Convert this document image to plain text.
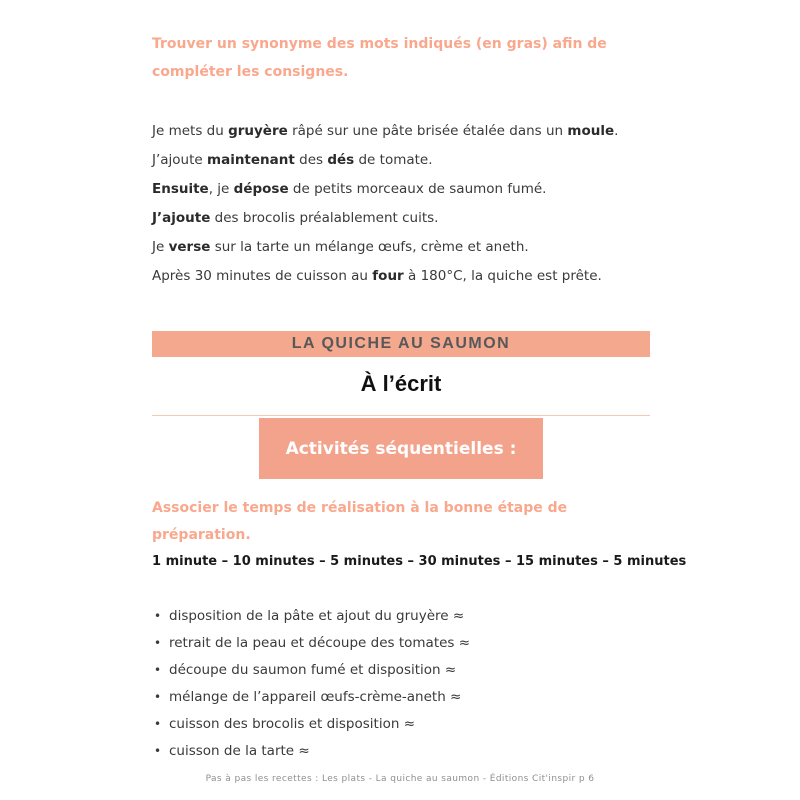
Trouver un synonyme des mots indiqués (en gras) afin de compléter les consignes.

Je mets du gruyère râpé sur une pâte brisée étalée dans un moule.

J’ajoute maintenant des dés de tomate.

Ensuite, je dépose de petits morceaux de saumon fumé.

J’ajoute des brocolis préalablement cuits.

Je verse sur la tarte un mélange œufs, crème et aneth.

Après 30 minutes de cuisson au four à 180°C, la quiche est prête.

LA QUICHE AU SAUMON
À l’écrit
Activités séquentielles :
Associer le temps de réalisation à la bonne étape de préparation.

1 minute – 10 minutes – 5 minutes – 30 minutes – 15 minutes – 5 minutes

• disposition de la pâte et ajout du gruyère ≈
• retrait de la peau et découpe des tomates ≈
• découpe du saumon fumé et disposition ≈
• mélange de l’appareil œufs-crème-aneth ≈
• cuisson des brocolis et disposition ≈
• cuisson de la tarte ≈
Pas à pas les recettes : Les plats - La quiche au saumon - Éditions Cit'inspir p 6
